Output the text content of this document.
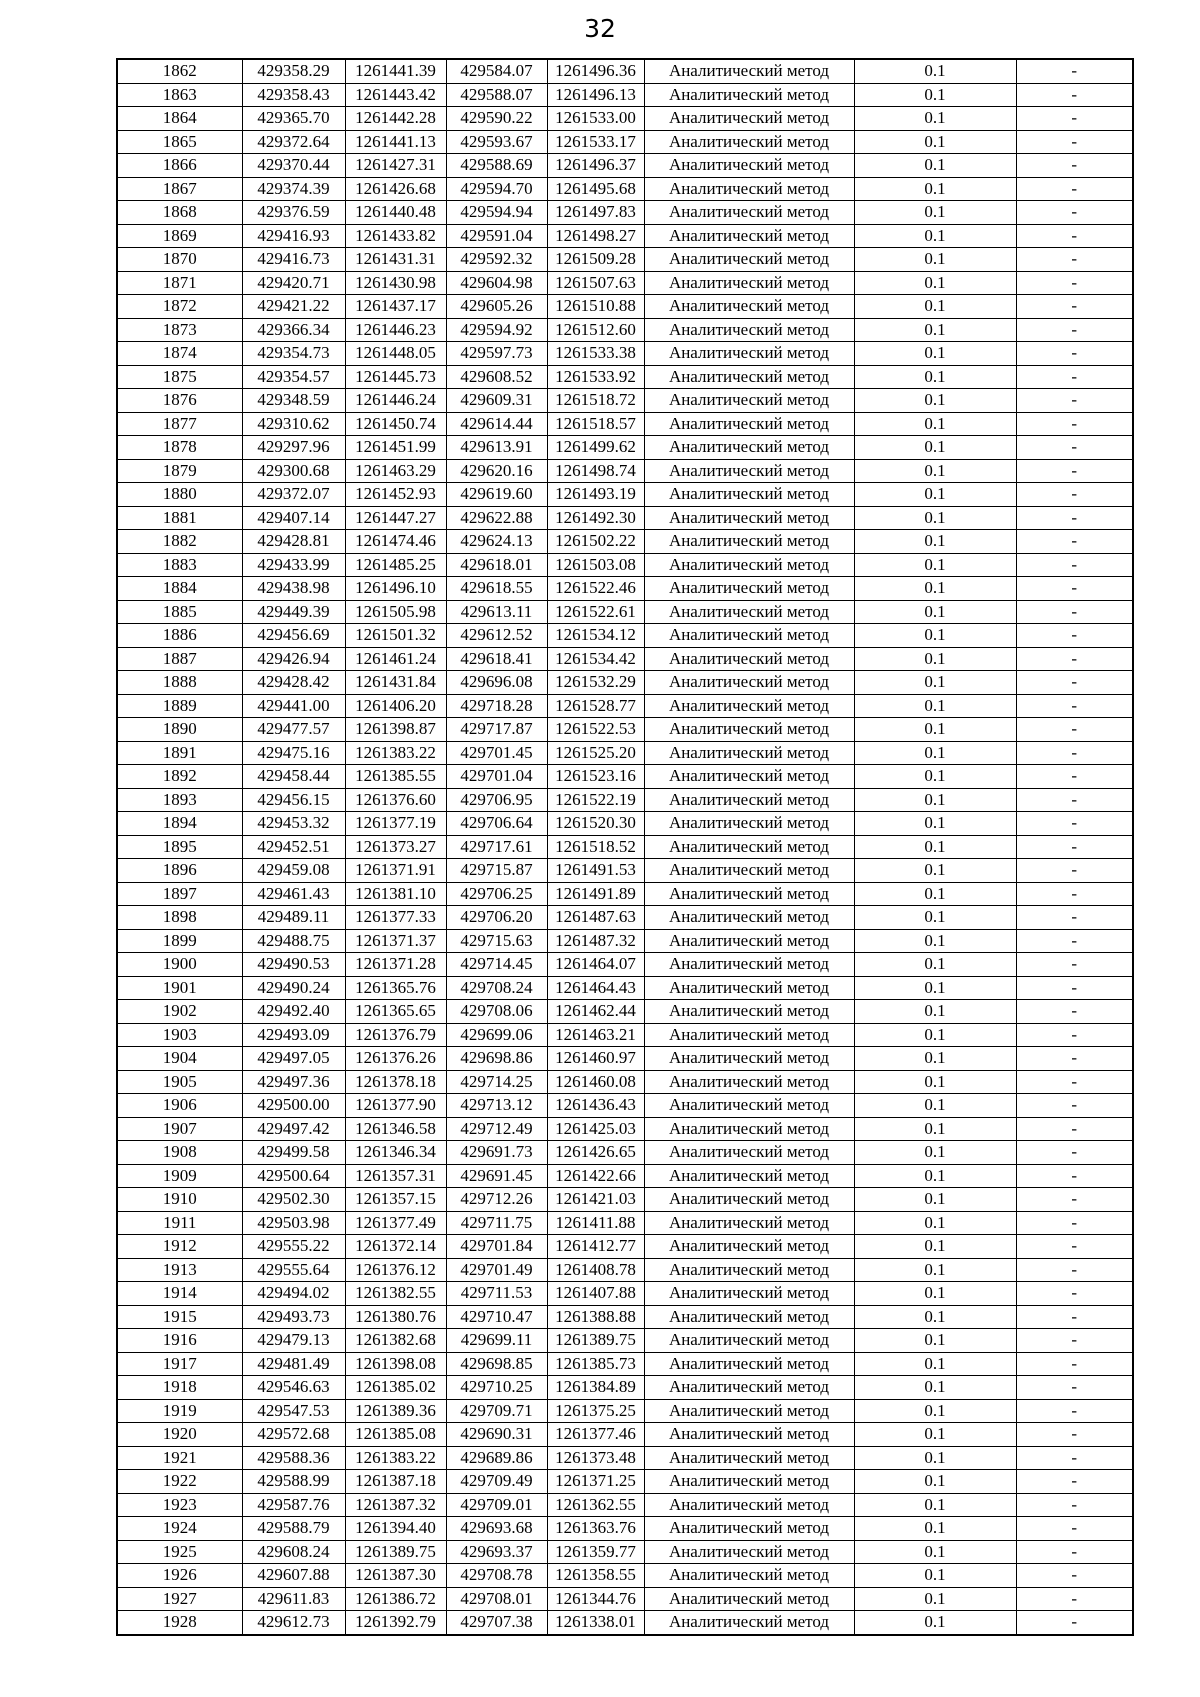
32
1862	429358.29	1261441.39	429584.07	1261496.36	Аналитический метод	0.1	-
1863	429358.43	1261443.42	429588.07	1261496.13	Аналитический метод	0.1	-
1864	429365.70	1261442.28	429590.22	1261533.00	Аналитический метод	0.1	-
1865	429372.64	1261441.13	429593.67	1261533.17	Аналитический метод	0.1	-
1866	429370.44	1261427.31	429588.69	1261496.37	Аналитический метод	0.1	-
1867	429374.39	1261426.68	429594.70	1261495.68	Аналитический метод	0.1	-
1868	429376.59	1261440.48	429594.94	1261497.83	Аналитический метод	0.1	-
1869	429416.93	1261433.82	429591.04	1261498.27	Аналитический метод	0.1	-
1870	429416.73	1261431.31	429592.32	1261509.28	Аналитический метод	0.1	-
1871	429420.71	1261430.98	429604.98	1261507.63	Аналитический метод	0.1	-
1872	429421.22	1261437.17	429605.26	1261510.88	Аналитический метод	0.1	-
1873	429366.34	1261446.23	429594.92	1261512.60	Аналитический метод	0.1	-
1874	429354.73	1261448.05	429597.73	1261533.38	Аналитический метод	0.1	-
1875	429354.57	1261445.73	429608.52	1261533.92	Аналитический метод	0.1	-
1876	429348.59	1261446.24	429609.31	1261518.72	Аналитический метод	0.1	-
1877	429310.62	1261450.74	429614.44	1261518.57	Аналитический метод	0.1	-
1878	429297.96	1261451.99	429613.91	1261499.62	Аналитический метод	0.1	-
1879	429300.68	1261463.29	429620.16	1261498.74	Аналитический метод	0.1	-
1880	429372.07	1261452.93	429619.60	1261493.19	Аналитический метод	0.1	-
1881	429407.14	1261447.27	429622.88	1261492.30	Аналитический метод	0.1	-
1882	429428.81	1261474.46	429624.13	1261502.22	Аналитический метод	0.1	-
1883	429433.99	1261485.25	429618.01	1261503.08	Аналитический метод	0.1	-
1884	429438.98	1261496.10	429618.55	1261522.46	Аналитический метод	0.1	-
1885	429449.39	1261505.98	429613.11	1261522.61	Аналитический метод	0.1	-
1886	429456.69	1261501.32	429612.52	1261534.12	Аналитический метод	0.1	-
1887	429426.94	1261461.24	429618.41	1261534.42	Аналитический метод	0.1	-
1888	429428.42	1261431.84	429696.08	1261532.29	Аналитический метод	0.1	-
1889	429441.00	1261406.20	429718.28	1261528.77	Аналитический метод	0.1	-
1890	429477.57	1261398.87	429717.87	1261522.53	Аналитический метод	0.1	-
1891	429475.16	1261383.22	429701.45	1261525.20	Аналитический метод	0.1	-
1892	429458.44	1261385.55	429701.04	1261523.16	Аналитический метод	0.1	-
1893	429456.15	1261376.60	429706.95	1261522.19	Аналитический метод	0.1	-
1894	429453.32	1261377.19	429706.64	1261520.30	Аналитический метод	0.1	-
1895	429452.51	1261373.27	429717.61	1261518.52	Аналитический метод	0.1	-
1896	429459.08	1261371.91	429715.87	1261491.53	Аналитический метод	0.1	-
1897	429461.43	1261381.10	429706.25	1261491.89	Аналитический метод	0.1	-
1898	429489.11	1261377.33	429706.20	1261487.63	Аналитический метод	0.1	-
1899	429488.75	1261371.37	429715.63	1261487.32	Аналитический метод	0.1	-
1900	429490.53	1261371.28	429714.45	1261464.07	Аналитический метод	0.1	-
1901	429490.24	1261365.76	429708.24	1261464.43	Аналитический метод	0.1	-
1902	429492.40	1261365.65	429708.06	1261462.44	Аналитический метод	0.1	-
1903	429493.09	1261376.79	429699.06	1261463.21	Аналитический метод	0.1	-
1904	429497.05	1261376.26	429698.86	1261460.97	Аналитический метод	0.1	-
1905	429497.36	1261378.18	429714.25	1261460.08	Аналитический метод	0.1	-
1906	429500.00	1261377.90	429713.12	1261436.43	Аналитический метод	0.1	-
1907	429497.42	1261346.58	429712.49	1261425.03	Аналитический метод	0.1	-
1908	429499.58	1261346.34	429691.73	1261426.65	Аналитический метод	0.1	-
1909	429500.64	1261357.31	429691.45	1261422.66	Аналитический метод	0.1	-
1910	429502.30	1261357.15	429712.26	1261421.03	Аналитический метод	0.1	-
1911	429503.98	1261377.49	429711.75	1261411.88	Аналитический метод	0.1	-
1912	429555.22	1261372.14	429701.84	1261412.77	Аналитический метод	0.1	-
1913	429555.64	1261376.12	429701.49	1261408.78	Аналитический метод	0.1	-
1914	429494.02	1261382.55	429711.53	1261407.88	Аналитический метод	0.1	-
1915	429493.73	1261380.76	429710.47	1261388.88	Аналитический метод	0.1	-
1916	429479.13	1261382.68	429699.11	1261389.75	Аналитический метод	0.1	-
1917	429481.49	1261398.08	429698.85	1261385.73	Аналитический метод	0.1	-
1918	429546.63	1261385.02	429710.25	1261384.89	Аналитический метод	0.1	-
1919	429547.53	1261389.36	429709.71	1261375.25	Аналитический метод	0.1	-
1920	429572.68	1261385.08	429690.31	1261377.46	Аналитический метод	0.1	-
1921	429588.36	1261383.22	429689.86	1261373.48	Аналитический метод	0.1	-
1922	429588.99	1261387.18	429709.49	1261371.25	Аналитический метод	0.1	-
1923	429587.76	1261387.32	429709.01	1261362.55	Аналитический метод	0.1	-
1924	429588.79	1261394.40	429693.68	1261363.76	Аналитический метод	0.1	-
1925	429608.24	1261389.75	429693.37	1261359.77	Аналитический метод	0.1	-
1926	429607.88	1261387.30	429708.78	1261358.55	Аналитический метод	0.1	-
1927	429611.83	1261386.72	429708.01	1261344.76	Аналитический метод	0.1	-
1928	429612.73	1261392.79	429707.38	1261338.01	Аналитический метод	0.1	-
